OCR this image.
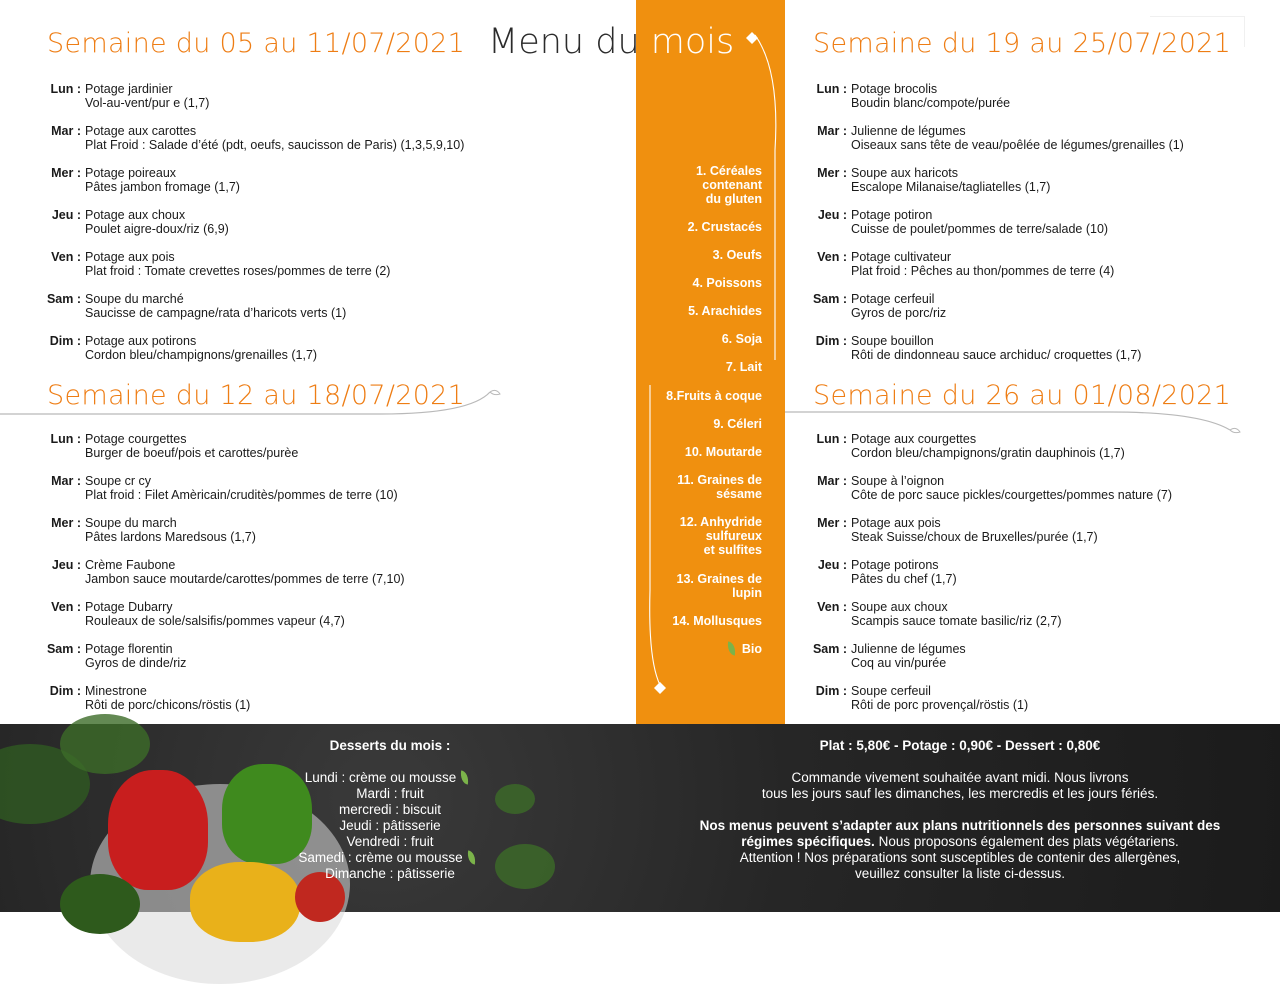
Menu du mois
1. Céréales
contenant
du gluten
2. Crustacés
3. Oeufs
4. Poissons
5. Arachides
6. Soja
7. Lait
8.Fruits à coque
9. Céleri
10. Moutarde
11. Graines de
sésame
12. Anhydride
sulfureux
et sulfites
13. Graines de
lupin
14. Mollusques
Bio
Semaine du 05 au 11/07/2021
Lun : Potage jardinier
Vol-au-vent/pur e (1,7)
Mar : Potage aux carottes
Plat Froid : Salade d’été (pdt, oeufs, saucisson de Paris) (1,3,5,9,10)
Mer : Potage poireaux
Pâtes jambon fromage (1,7)
Jeu : Potage aux choux
Poulet aigre-doux/riz (6,9)
Ven : Potage aux pois
Plat froid : Tomate crevettes roses/pommes de terre (2)
Sam : Soupe du marché
Saucisse de campagne/rata d’haricots verts (1)
Dim : Potage aux potirons
Cordon bleu/champignons/grenailles (1,7)
Semaine du 12 au 18/07/2021
Lun : Potage courgettes
Burger de boeuf/pois et carottes/purèe
Mar : Soupe cr cy
Plat froid : Filet Amèricain/cruditès/pommes de terre (10)
Mer : Soupe du march
Pâtes lardons Maredsous (1,7)
Jeu : Crème Faubone
Jambon sauce moutarde/carottes/pommes de terre (7,10)
Ven : Potage Dubarry
Rouleaux de sole/salsifis/pommes vapeur (4,7)
Sam : Potage florentin
Gyros de dinde/riz
Dim : Minestrone
Rôti de porc/chicons/röstis (1)
Semaine du 19 au 25/07/2021
Lun : Potage brocolis
Boudin blanc/compote/purée
Mar : Julienne de légumes
Oiseaux sans tête de veau/poêlée de légumes/grenailles (1)
Mer : Soupe aux haricots
Escalope Milanaise/tagliatelles (1,7)
Jeu : Potage potiron
Cuisse de poulet/pommes de terre/salade (10)
Ven : Potage cultivateur
Plat froid : Pêches au thon/pommes de terre (4)
Sam : Potage cerfeuil
Gyros de porc/riz
Dim : Soupe bouillon
Rôti de dindonneau sauce archiduc/ croquettes (1,7)
Semaine du 26 au 01/08/2021
Lun : Potage aux courgettes
Cordon bleu/champignons/gratin dauphinois (1,7)
Mar : Soupe à l’oignon
Côte de porc sauce pickles/courgettes/pommes nature (7)
Mer : Potage aux pois
Steak Suisse/choux de Bruxelles/purée (1,7)
Jeu : Potage potirons
Pâtes du chef (1,7)
Ven : Soupe aux choux
Scampis sauce tomate basilic/riz (2,7)
Sam : Julienne de légumes
Coq au vin/purée
Dim : Soupe cerfeuil
Rôti de porc provençal/röstis (1)
Desserts du mois :
Lundi : crème ou mousse
Mardi : fruit
mercredi : biscuit
Jeudi : pâtisserie
Vendredi : fruit
Samedi : crème ou mousse
Dimanche : pâtisserie
Plat : 5,80€ - Potage : 0,90€ - Dessert : 0,80€
Commande vivement souhaitée avant midi. Nous livrons
tous les jours sauf les dimanches, les mercredis et les jours fériés.
Nos menus peuvent s’adapter aux plans nutritionnels des personnes suivant des régimes spécifiques. Nous proposons également des plats végétariens.
Attention ! Nos préparations sont susceptibles de contenir des allergènes,
veuillez consulter la liste ci-dessus.
